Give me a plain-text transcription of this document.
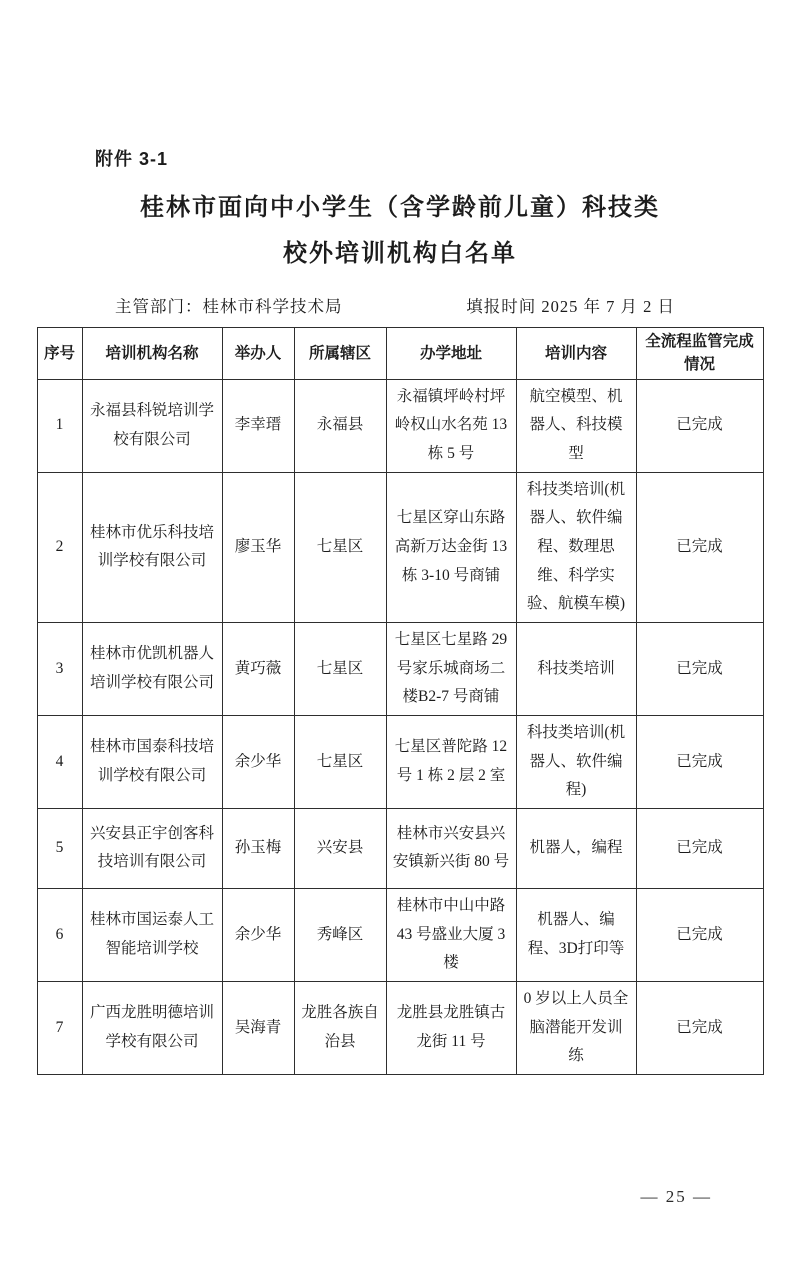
附件 3-1
桂林市面向中小学生（含学龄前儿童）科技类
校外培训机构白名单
主管部门：桂林市科学技术局	填报时间 2025 年 7 月 2 日
序号	培训机构名称	举办人	所属辖区	办学地址	培训内容	全流程监管完成情况
1	永福县科锐培训学校有限公司	李幸瑨	永福县	永福镇坪岭村坪岭权山水名苑 13 栋 5 号	航空模型、机器人、科技模型	已完成
2	桂林市优乐科技培训学校有限公司	廖玉华	七星区	七星区穿山东路高新万达金街 13 栋 3-10 号商铺	科技类培训(机器人、软件编程、数理思维、科学实验、航模车模)	已完成
3	桂林市优凯机器人培训学校有限公司	黄巧薇	七星区	七星区七星路 29 号家乐城商场二楼B2-7 号商铺	科技类培训	已完成
4	桂林市国泰科技培训学校有限公司	余少华	七星区	七星区普陀路 12 号 1 栋 2 层 2 室	科技类培训(机器人、软件编程)	已完成
5	兴安县正宇创客科技培训有限公司	孙玉梅	兴安县	桂林市兴安县兴安镇新兴街 80 号	机器人，编程	已完成
6	桂林市国运泰人工智能培训学校	余少华	秀峰区	桂林市中山中路 43 号盛业大厦 3 楼	机器人、编程、3D打印等	已完成
7	广西龙胜明德培训学校有限公司	吴海青	龙胜各族自治县	龙胜县龙胜镇古龙街 11 号	0 岁以上人员全脑潜能开发训练	已完成
— 25 —
